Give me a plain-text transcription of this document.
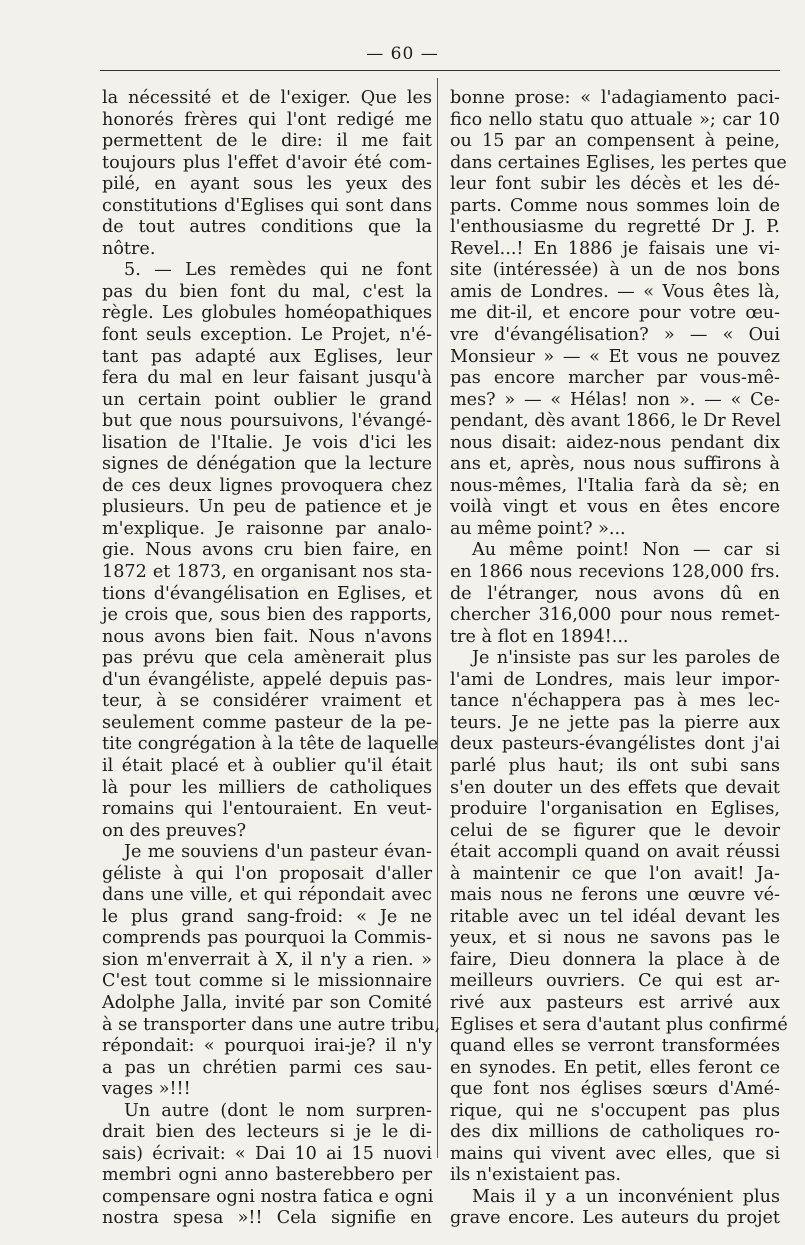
— 60 —
la nécessité et de l'exiger. Que les
honorés frères qui l'ont redigé me
permettent de le dire: il me fait
toujours plus l'effet d'avoir été com-
pilé, en ayant sous les yeux des
constitutions d'Eglises qui sont dans
de tout autres conditions que la
nôtre.
5. — Les remèdes qui ne font
pas du bien font du mal, c'est la
règle. Les globules homéopathiques
font seuls exception. Le Projet, n'é-
tant pas adapté aux Eglises, leur
fera du mal en leur faisant jusqu'à
un certain point oublier le grand
but que nous poursuivons, l'évangé-
lisation de l'Italie. Je vois d'ici les
signes de dénégation que la lecture
de ces deux lignes provoquera chez
plusieurs. Un peu de patience et je
m'explique. Je raisonne par analo-
gie. Nous avons cru bien faire, en
1872 et 1873, en organisant nos sta-
tions d'évangélisation en Eglises, et
je crois que, sous bien des rapports,
nous avons bien fait. Nous n'avons
pas prévu que cela amènerait plus
d'un évangéliste, appelé depuis pas-
teur, à se considérer vraiment et
seulement comme pasteur de la pe-
tite congrégation à la tête de laquelle
il était placé et à oublier qu'il était
là pour les milliers de catholiques
romains qui l'entouraient. En veut-
on des preuves?
Je me souviens d'un pasteur évan-
géliste à qui l'on proposait d'aller
dans une ville, et qui répondait avec
le plus grand sang-froid: « Je ne
comprends pas pourquoi la Commis-
sion m'enverrait à X, il n'y a rien. »
C'est tout comme si le missionnaire
Adolphe Jalla, invité par son Comité
à se transporter dans une autre tribu,
répondait: « pourquoi irai-je? il n'y
a pas un chrétien parmi ces sau-
vages »!!!
Un autre (dont le nom surpren-
drait bien des lecteurs si je le di-
sais) écrivait: « Dai 10 ai 15 nuovi
membri ogni anno basterebbero per
compensare ogni nostra fatica e ogni
nostra spesa »!! Cela signifie en
bonne prose: « l'adagiamento paci-
fico nello statu quo attuale »; car 10
ou 15 par an compensent à peine,
dans certaines Eglises, les pertes que
leur font subir les décès et les dé-
parts. Comme nous sommes loin de
l'enthousiasme du regretté Dr J. P.
Revel...! En 1886 je faisais une vi-
site (intéressée) à un de nos bons
amis de Londres. — « Vous êtes là,
me dit-il, et encore pour votre œu-
vre d'évangélisation? » — « Oui
Monsieur » — « Et vous ne pouvez
pas encore marcher par vous-mê-
mes? » — « Hélas! non ». — « Ce-
pendant, dès avant 1866, le Dr Revel
nous disait: aidez-nous pendant dix
ans et, après, nous nous suffirons à
nous-mêmes, l'Italia farà da sè; en
voilà vingt et vous en êtes encore
au même point? »...
Au même point! Non — car si
en 1866 nous recevions 128,000 frs.
de l'étranger, nous avons dû en
chercher 316,000 pour nous remet-
tre à flot en 1894!...
Je n'insiste pas sur les paroles de
l'ami de Londres, mais leur impor-
tance n'échappera pas à mes lec-
teurs. Je ne jette pas la pierre aux
deux pasteurs-évangélistes dont j'ai
parlé plus haut; ils ont subi sans
s'en douter un des effets que devait
produire l'organisation en Eglises,
celui de se figurer que le devoir
était accompli quand on avait réussi
à maintenir ce que l'on avait! Ja-
mais nous ne ferons une œuvre vé-
ritable avec un tel idéal devant les
yeux, et si nous ne savons pas le
faire, Dieu donnera la place à de
meilleurs ouvriers. Ce qui est ar-
rivé aux pasteurs est arrivé aux
Eglises et sera d'autant plus confirmé
quand elles se verront transformées
en synodes. En petit, elles feront ce
que font nos églises sœurs d'Amé-
rique, qui ne s'occupent pas plus
des dix millions de catholiques ro-
mains qui vivent avec elles, que si
ils n'existaient pas.
Mais il y a un inconvénient plus
grave encore. Les auteurs du projet
